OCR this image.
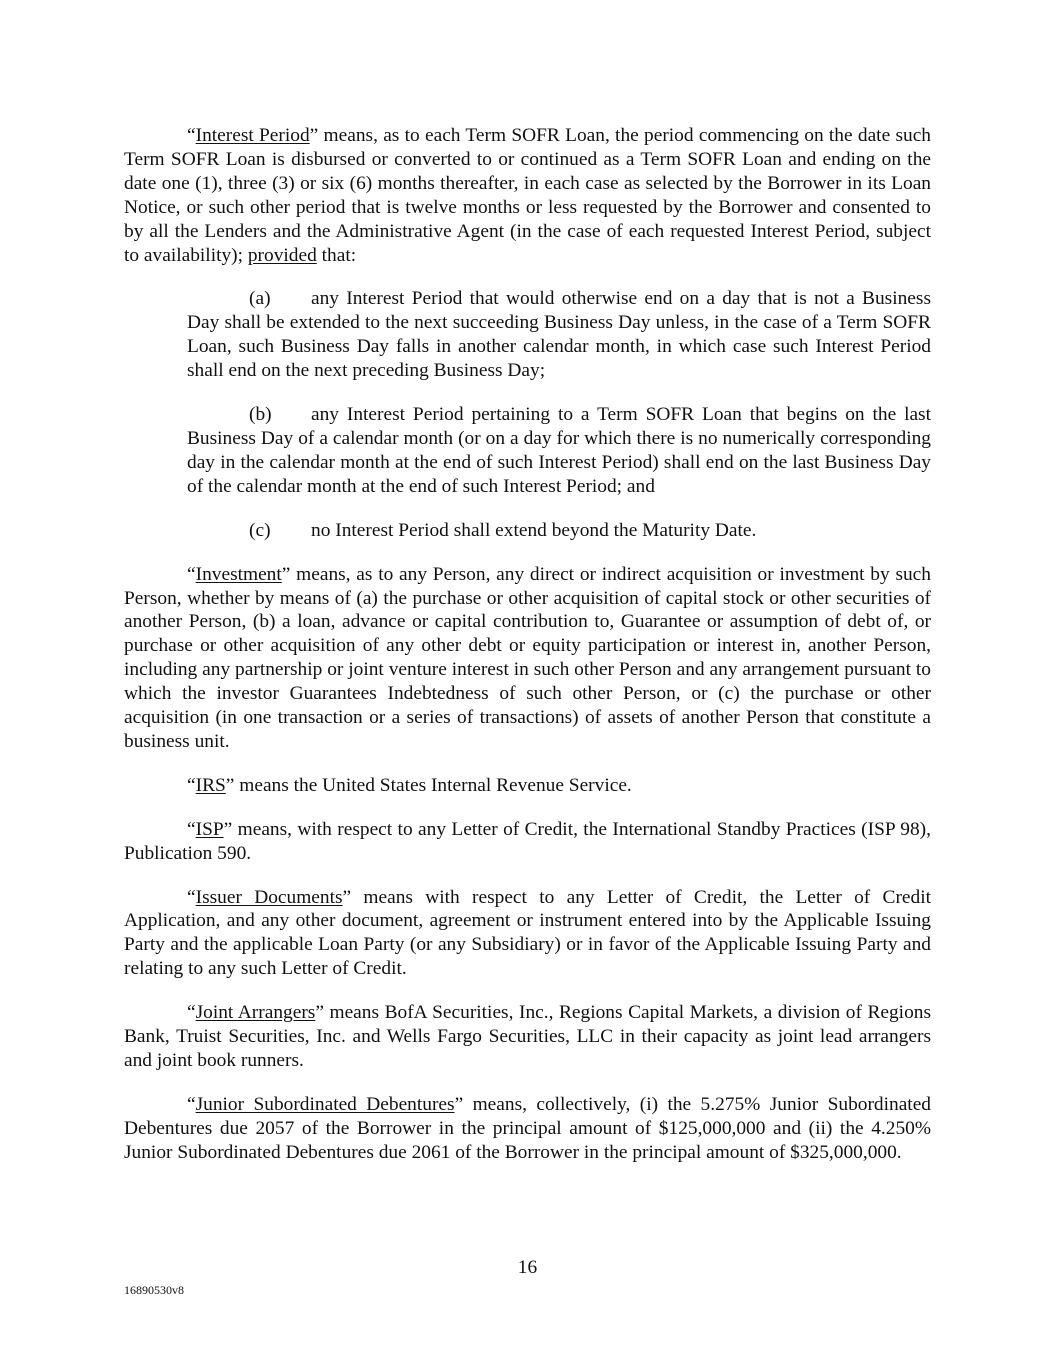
“Interest Period” means, as to each Term SOFR Loan, the period commencing on the date such Term SOFR Loan is disbursed or converted to or continued as a Term SOFR Loan and ending on the date one (1), three (3) or six (6) months thereafter, in each case as selected by the Borrower in its Loan Notice, or such other period that is twelve months or less requested by the Borrower and consented to by all the Lenders and the Administrative Agent (in the case of each requested Interest Period, subject to availability); provided that:

(a) any Interest Period that would otherwise end on a day that is not a Business Day shall be extended to the next succeeding Business Day unless, in the case of a Term SOFR Loan, such Business Day falls in another calendar month, in which case such Interest Period shall end on the next preceding Business Day;

(b) any Interest Period pertaining to a Term SOFR Loan that begins on the last Business Day of a calendar month (or on a day for which there is no numerically corresponding day in the calendar month at the end of such Interest Period) shall end on the last Business Day of the calendar month at the end of such Interest Period; and

(c) no Interest Period shall extend beyond the Maturity Date.

“Investment” means, as to any Person, any direct or indirect acquisition or investment by such Person, whether by means of (a) the purchase or other acquisition of capital stock or other securities of another Person, (b) a loan, advance or capital contribution to, Guarantee or assumption of debt of, or purchase or other acquisition of any other debt or equity participation or interest in, another Person, including any partnership or joint venture interest in such other Person and any arrangement pursuant to which the investor Guarantees Indebtedness of such other Person, or (c) the purchase or other acquisition (in one transaction or a series of transactions) of assets of another Person that constitute a business unit.

“IRS” means the United States Internal Revenue Service.

“ISP” means, with respect to any Letter of Credit, the International Standby Practices (ISP 98), Publication 590.

“Issuer Documents” means with respect to any Letter of Credit, the Letter of Credit Application, and any other document, agreement or instrument entered into by the Applicable Issuing Party and the applicable Loan Party (or any Subsidiary) or in favor of the Applicable Issuing Party and relating to any such Letter of Credit.

“Joint Arrangers” means BofA Securities, Inc., Regions Capital Markets, a division of Regions Bank, Truist Securities, Inc. and Wells Fargo Securities, LLC in their capacity as joint lead arrangers and joint book runners.

“Junior Subordinated Debentures” means, collectively, (i) the 5.275% Junior Subordinated Debentures due 2057 of the Borrower in the principal amount of $125,000,000 and (ii) the 4.250% Junior Subordinated Debentures due 2061 of the Borrower in the principal amount of $325,000,000.

16
16890530v8
